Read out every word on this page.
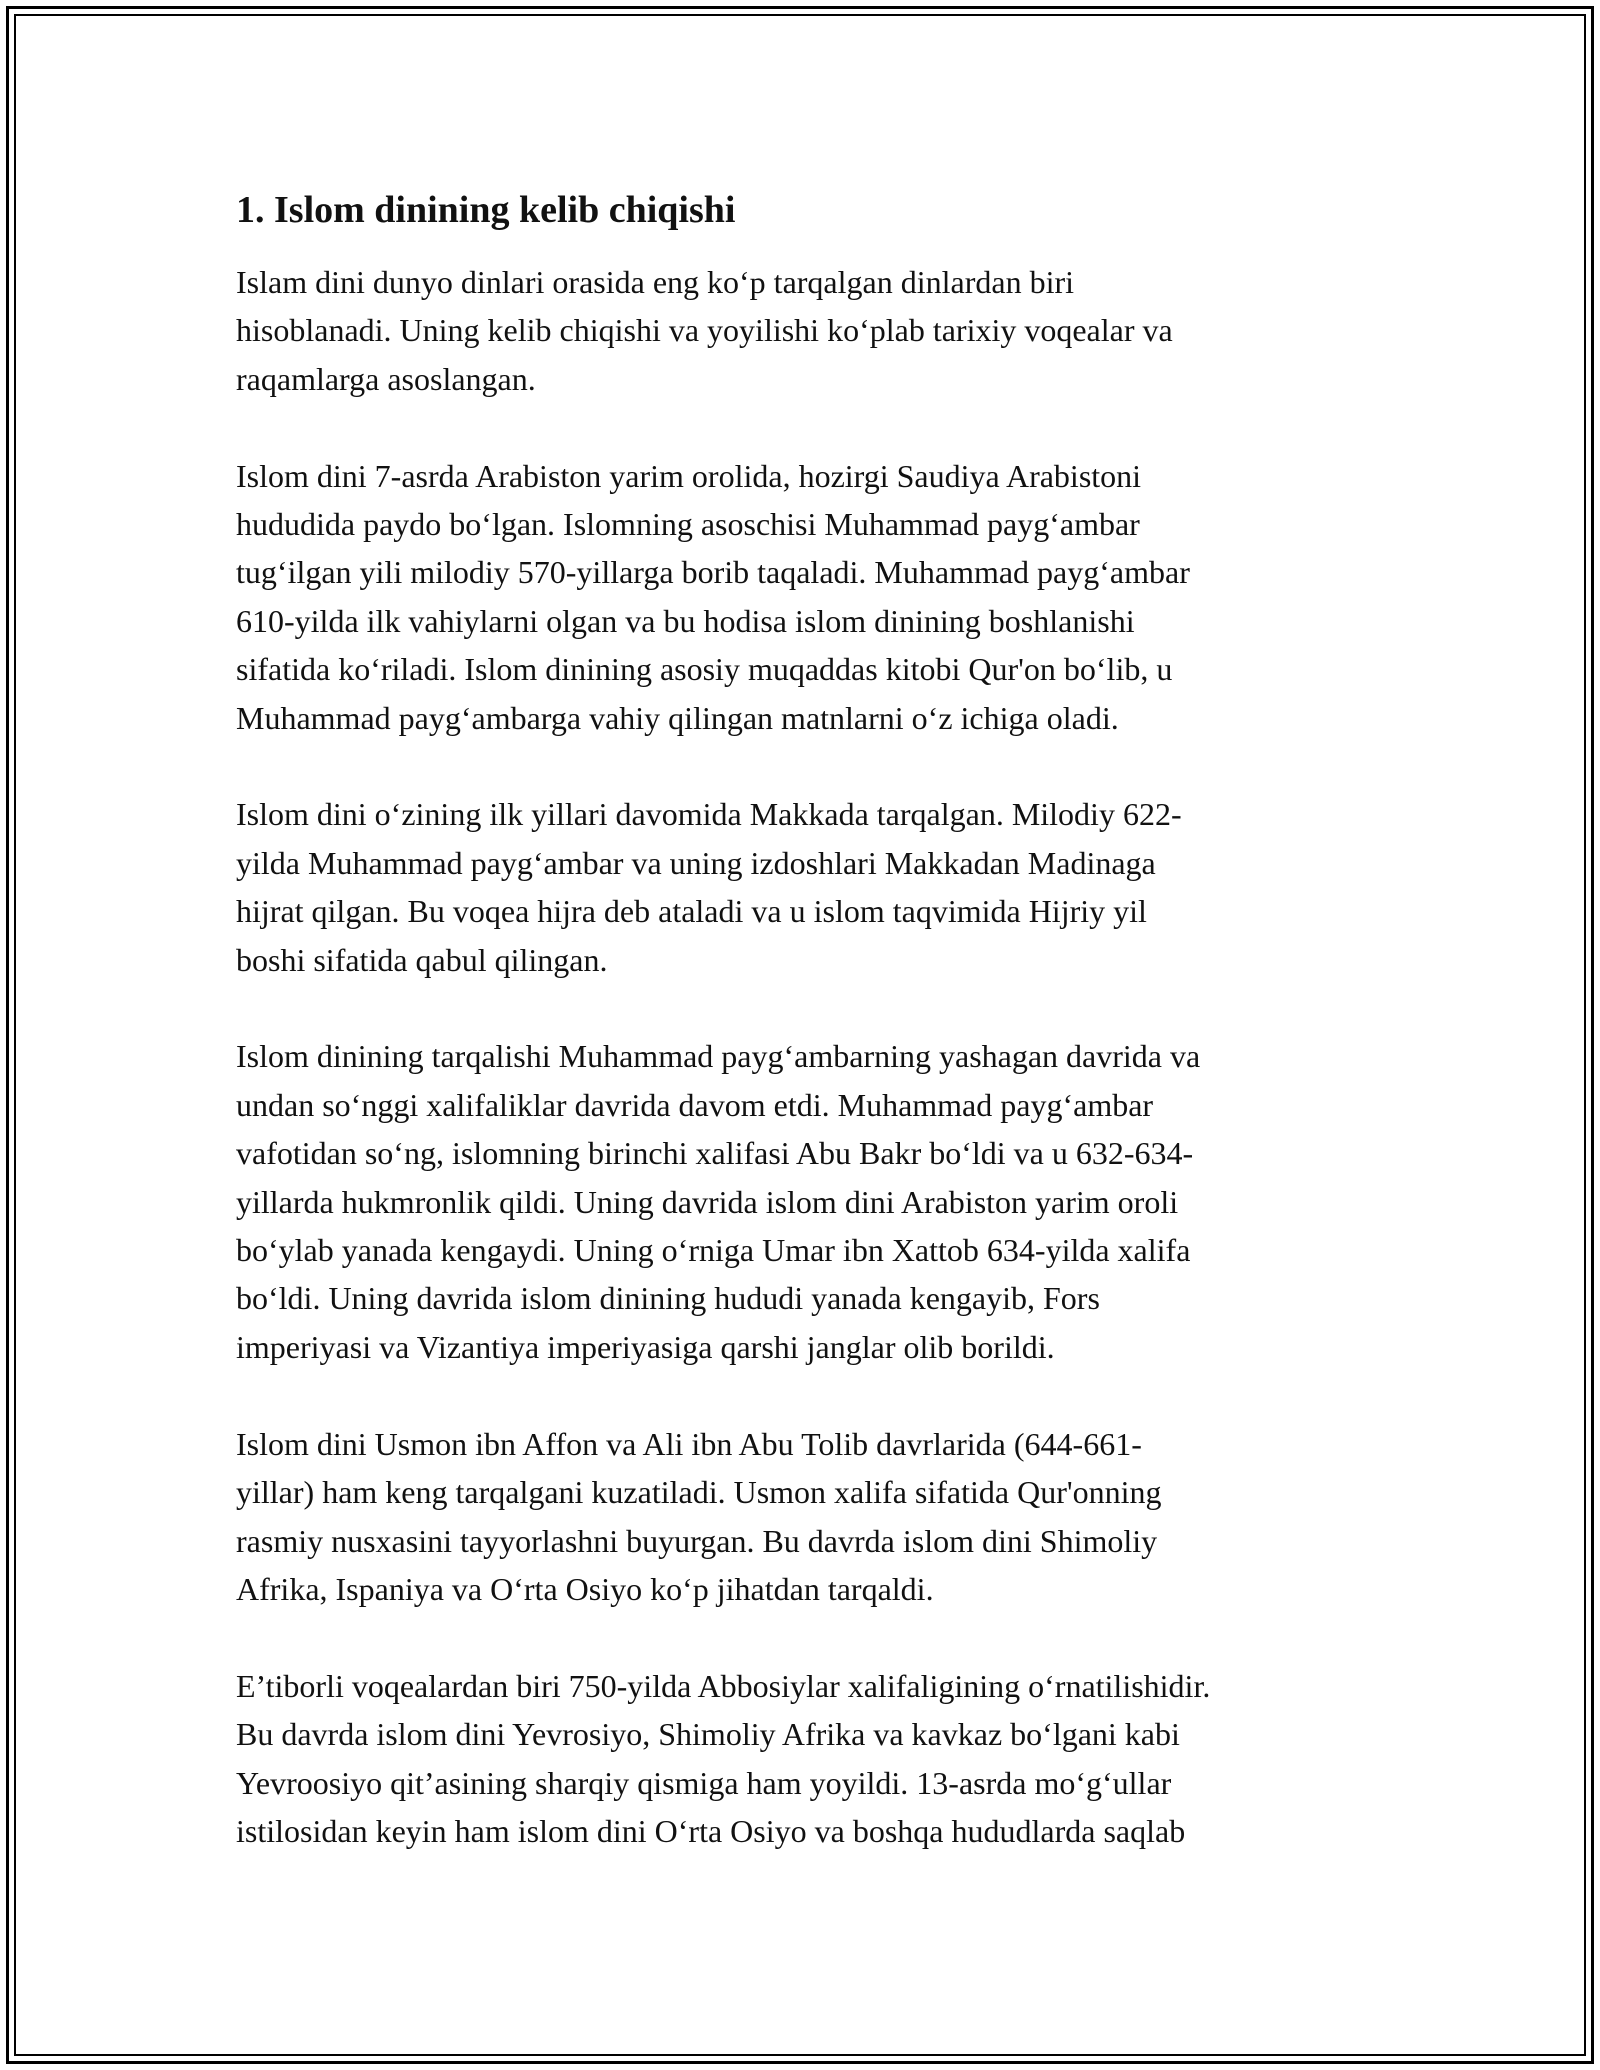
1. Islom dinining kelib chiqishi

Islam dini dunyo dinlari orasida eng ko‘p tarqalgan dinlardan biri
hisoblanadi. Uning kelib chiqishi va yoyilishi ko‘plab tarixiy voqealar va
raqamlarga asoslangan.

Islom dini 7-asrda Arabiston yarim orolida, hozirgi Saudiya Arabistoni
hududida paydo bo‘lgan. Islomning asoschisi Muhammad payg‘ambar
tug‘ilgan yili milodiy 570-yillarga borib taqaladi. Muhammad payg‘ambar
610-yilda ilk vahiylarni olgan va bu hodisa islom dinining boshlanishi
sifatida ko‘riladi. Islom dinining asosiy muqaddas kitobi Qur'on bo‘lib, u
Muhammad payg‘ambarga vahiy qilingan matnlarni o‘z ichiga oladi.

Islom dini o‘zining ilk yillari davomida Makkada tarqalgan. Milodiy 622-
yilda Muhammad payg‘ambar va uning izdoshlari Makkadan Madinaga
hijrat qilgan. Bu voqea hijra deb ataladi va u islom taqvimida Hijriy yil
boshi sifatida qabul qilingan.

Islom dinining tarqalishi Muhammad payg‘ambarning yashagan davrida va
undan so‘nggi xalifaliklar davrida davom etdi. Muhammad payg‘ambar
vafotidan so‘ng, islomning birinchi xalifasi Abu Bakr bo‘ldi va u 632-634-
yillarda hukmronlik qildi. Uning davrida islom dini Arabiston yarim oroli
bo‘ylab yanada kengaydi. Uning o‘rniga Umar ibn Xattob 634-yilda xalifa
bo‘ldi. Uning davrida islom dinining hududi yanada kengayib, Fors
imperiyasi va Vizantiya imperiyasiga qarshi janglar olib borildi.

Islom dini Usmon ibn Affon va Ali ibn Abu Tolib davrlarida (644-661-
yillar) ham keng tarqalgani kuzatiladi. Usmon xalifa sifatida Qur'onning
rasmiy nusxasini tayyorlashni buyurgan. Bu davrda islom dini Shimoliy
Afrika, Ispaniya va O‘rta Osiyo ko‘p jihatdan tarqaldi.

E’tiborli voqealardan biri 750-yilda Abbosiylar xalifaligining o‘rnatilishidir.
Bu davrda islom dini Yevrosiyo, Shimoliy Afrika va kavkaz bo‘lgani kabi
Yevroosiyo qit’asining sharqiy qismiga ham yoyildi. 13-asrda mo‘g‘ullar
istilosidan keyin ham islom dini O‘rta Osiyo va boshqa hududlarda saqlab
